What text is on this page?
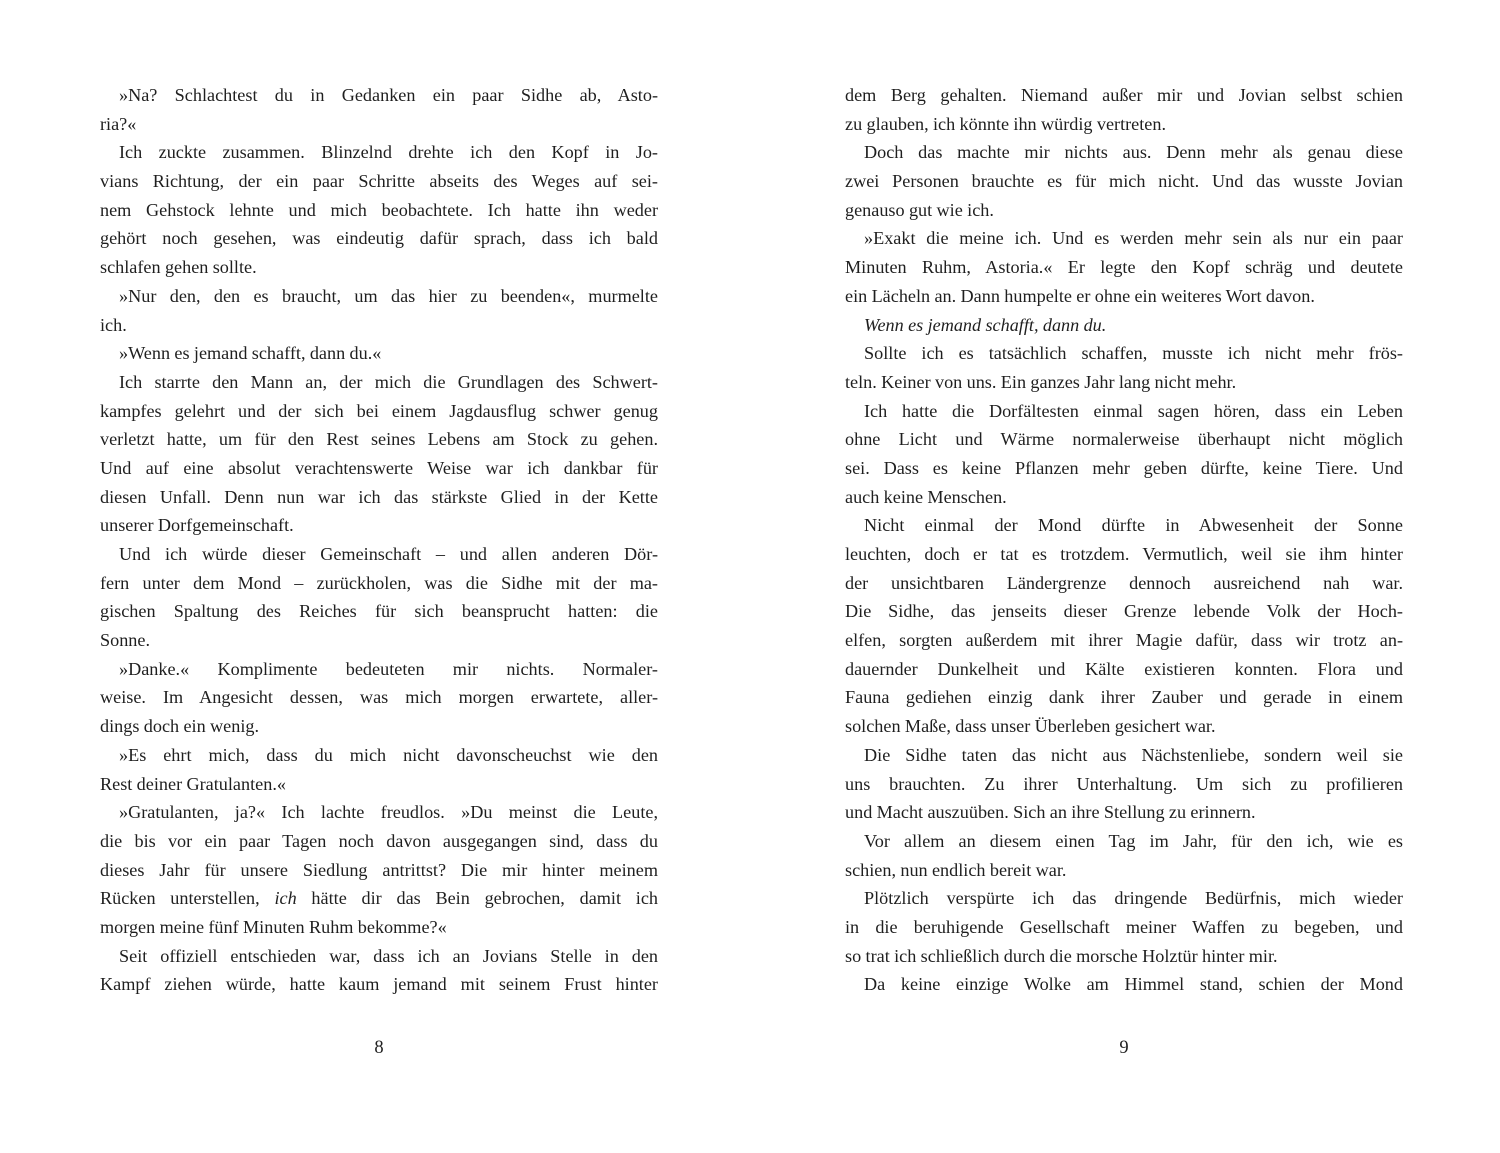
»Na? Schlachtest du in Gedanken ein paar Sidhe ab, Asto-
ria?«
Ich zuckte zusammen. Blinzelnd drehte ich den Kopf in Jo-
vians Richtung, der ein paar Schritte abseits des Weges auf sei-
nem Gehstock lehnte und mich beobachtete. Ich hatte ihn weder
gehört noch gesehen, was eindeutig dafür sprach, dass ich bald
schlafen gehen sollte.
»Nur den, den es braucht, um das hier zu beenden«, murmelte
ich.
»Wenn es jemand schafft, dann du.«
Ich starrte den Mann an, der mich die Grundlagen des Schwert-
kampfes gelehrt und der sich bei einem Jagdausflug schwer genug
verletzt hatte, um für den Rest seines Lebens am Stock zu gehen.
Und auf eine absolut verachtenswerte Weise war ich dankbar für
diesen Unfall. Denn nun war ich das stärkste Glied in der Kette
unserer Dorfgemeinschaft.
Und ich würde dieser Gemeinschaft – und allen anderen Dör-
fern unter dem Mond – zurückholen, was die Sidhe mit der ma-
gischen Spaltung des Reiches für sich beansprucht hatten: die
Sonne.
»Danke.« Komplimente bedeuteten mir nichts. Normaler-
weise. Im Angesicht dessen, was mich morgen erwartete, aller-
dings doch ein wenig.
»Es ehrt mich, dass du mich nicht davonscheuchst wie den
Rest deiner Gratulanten.«
»Gratulanten, ja?« Ich lachte freudlos. »Du meinst die Leute,
die bis vor ein paar Tagen noch davon ausgegangen sind, dass du
dieses Jahr für unsere Siedlung antrittst? Die mir hinter meinem
Rücken unterstellen, ich hätte dir das Bein gebrochen, damit ich
morgen meine fünf Minuten Ruhm bekomme?«
Seit offiziell entschieden war, dass ich an Jovians Stelle in den
Kampf ziehen würde, hatte kaum jemand mit seinem Frust hinter
dem Berg gehalten. Niemand außer mir und Jovian selbst schien
zu glauben, ich könnte ihn würdig vertreten.
Doch das machte mir nichts aus. Denn mehr als genau diese
zwei Personen brauchte es für mich nicht. Und das wusste Jovian
genauso gut wie ich.
»Exakt die meine ich. Und es werden mehr sein als nur ein paar
Minuten Ruhm, Astoria.« Er legte den Kopf schräg und deutete
ein Lächeln an. Dann humpelte er ohne ein weiteres Wort davon.
Wenn es jemand schafft, dann du.
Sollte ich es tatsächlich schaffen, musste ich nicht mehr frös-
teln. Keiner von uns. Ein ganzes Jahr lang nicht mehr.
Ich hatte die Dorfältesten einmal sagen hören, dass ein Leben
ohne Licht und Wärme normalerweise überhaupt nicht möglich
sei. Dass es keine Pflanzen mehr geben dürfte, keine Tiere. Und
auch keine Menschen.
Nicht einmal der Mond dürfte in Abwesenheit der Sonne
leuchten, doch er tat es trotzdem. Vermutlich, weil sie ihm hinter
der unsichtbaren Ländergrenze dennoch ausreichend nah war.
Die Sidhe, das jenseits dieser Grenze lebende Volk der Hoch-
elfen, sorgten außerdem mit ihrer Magie dafür, dass wir trotz an-
dauernder Dunkelheit und Kälte existieren konnten. Flora und
Fauna gediehen einzig dank ihrer Zauber und gerade in einem
solchen Maße, dass unser Überleben gesichert war.
Die Sidhe taten das nicht aus Nächstenliebe, sondern weil sie
uns brauchten. Zu ihrer Unterhaltung. Um sich zu profilieren
und Macht auszuüben. Sich an ihre Stellung zu erinnern.
Vor allem an diesem einen Tag im Jahr, für den ich, wie es
schien, nun endlich bereit war.
Plötzlich verspürte ich das dringende Bedürfnis, mich wieder
in die beruhigende Gesellschaft meiner Waffen zu begeben, und
so trat ich schließlich durch die morsche Holztür hinter mir.
Da keine einzige Wolke am Himmel stand, schien der Mond
8	9
